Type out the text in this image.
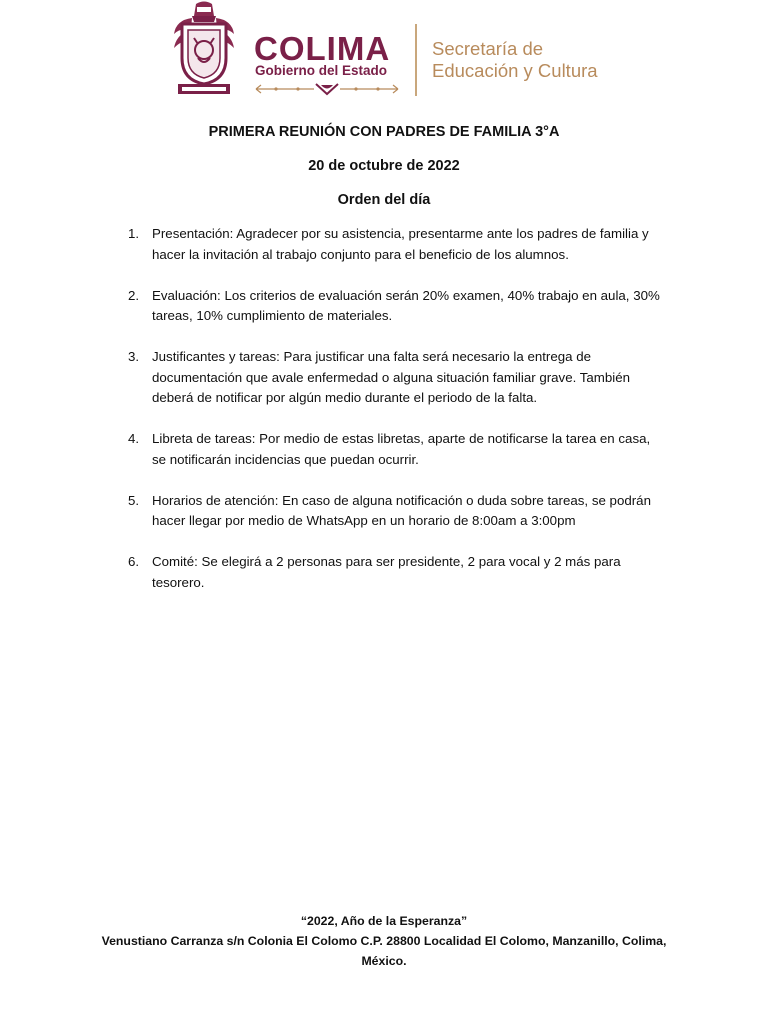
COLIMA
Gobierno del Estado
Secretaría de
Educación y Cultura
PRIMERA REUNIÓN CON PADRES DE FAMILIA 3°A
20 de octubre de 2022
Orden del día
1. Presentación: Agradecer por su asistencia, presentarme ante los padres de familia y hacer la invitación al trabajo conjunto para el beneficio de los alumnos.
2. Evaluación: Los criterios de evaluación serán 20% examen, 40% trabajo en aula, 30% tareas, 10% cumplimiento de materiales.
3. Justificantes y tareas: Para justificar una falta será necesario la entrega de documentación que avale enfermedad o alguna situación familiar grave. También deberá de notificar por algún medio durante el periodo de la falta.
4. Libreta de tareas: Por medio de estas libretas, aparte de notificarse la tarea en casa, se notificarán incidencias que puedan ocurrir.
5. Horarios de atención: En caso de alguna notificación o duda sobre tareas, se podrán hacer llegar por medio de WhatsApp en un horario de 8:00am a 3:00pm
6. Comité: Se elegirá a 2 personas para ser presidente, 2 para vocal y 2 más para tesorero.
“2022, Año de la Esperanza”
Venustiano Carranza s/n Colonia El Colomo C.P. 28800 Localidad El Colomo, Manzanillo, Colima, México.
